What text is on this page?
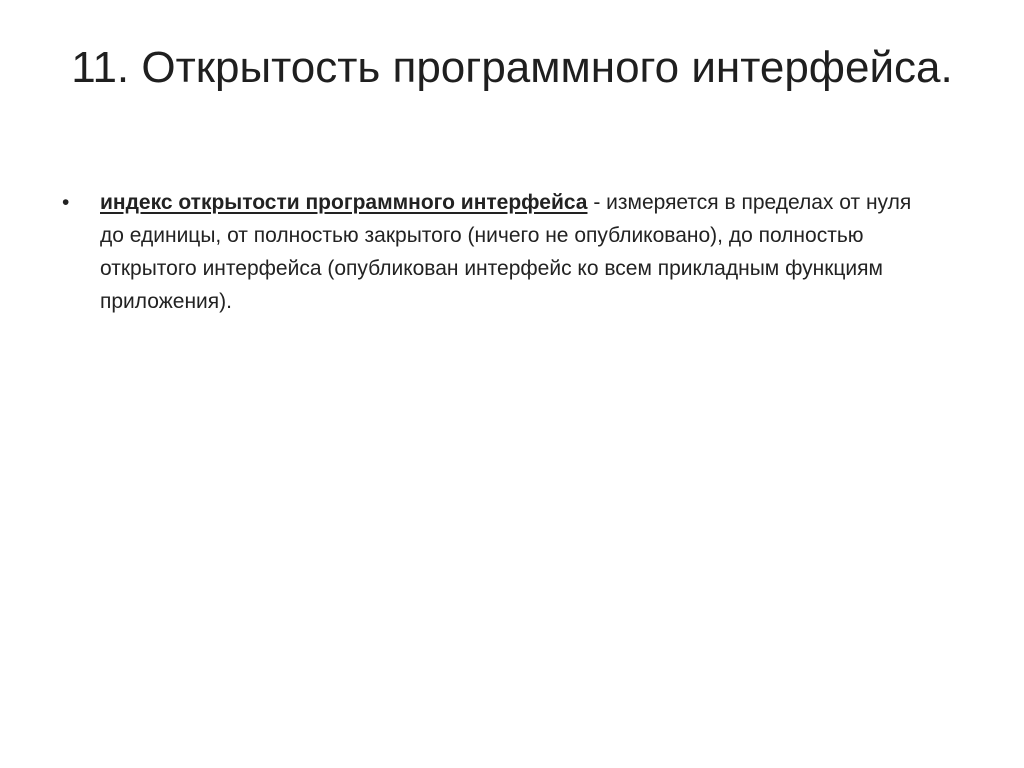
11. Открытость программного интерфейса.
•	индекс открытости программного интерфейса - измеряется в пределах от нуля до единицы, от полностью закрытого (ничего не опубликовано), до полностью открытого интерфейса (опубликован интерфейс ко всем прикладным функциям приложения).
